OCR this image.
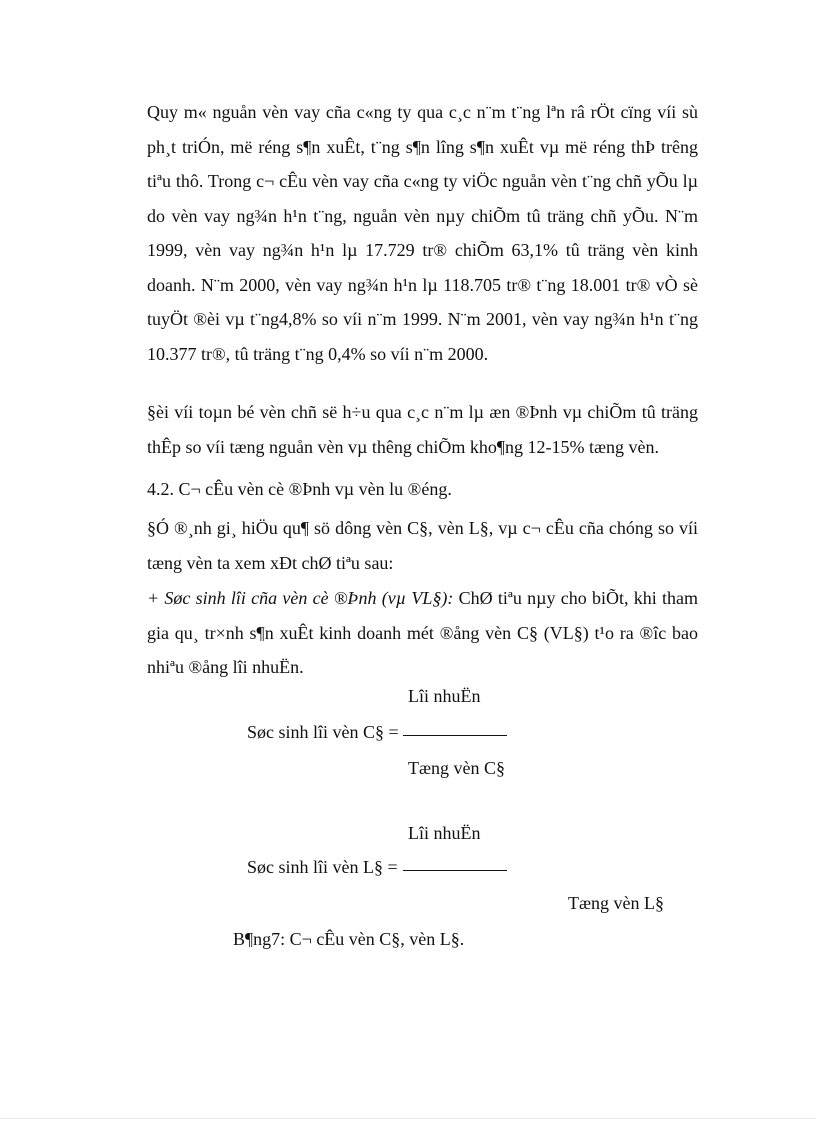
Quy m« nguån vèn vay cña c«ng ty qua c¸c n¨m t¨ng lªn râ rÖt cïng víi sù ph¸t triÓn, më réng s¶n xuÊt, t¨ng s¶n lîng s¶n xuÊt vµ më réng thÞ trêng tiªu thô. Trong c¬ cÊu vèn vay cña c«ng ty viÖc nguån vèn t¨ng chñ yÕu lµ do vèn vay ng¾n h¹n t¨ng, nguån vèn nµy chiÕm tû träng chñ yÕu. N¨m 1999, vèn vay ng¾n h¹n lµ 17.729 tr® chiÕm 63,1% tû träng vèn kinh doanh. N¨m 2000, vèn vay ng¾n h¹n lµ 118.705 tr® t¨ng 18.001 tr® vÒ sè tuyÖt ®èi vµ t¨ng4,8% so víi n¨m 1999. N¨m 2001, vèn vay ng¾n h¹n t¨ng 10.377 tr®, tû träng t¨ng 0,4% so víi n¨m 2000.

§èi víi toµn bé vèn chñ së h÷u qua c¸c n¨m lµ æn ®Þnh vµ chiÕm tû träng thÊp so víi tæng nguån vèn vµ thêng chiÕm kho¶ng 12-15% tæng vèn.

4.2. C¬ cÊu vèn cè ®Þnh vµ vèn lu ®éng.

§Ó ®¸nh gi¸ hiÖu qu¶ sö dông vèn C§, vèn L§, vµ c¬ cÊu cña chóng so víi tæng vèn ta xem xÐt chØ tiªu sau:

+ Søc sinh lîi cña vèn cè ®Þnh (vµ VL§): ChØ tiªu nµy cho biÕt, khi tham gia qu¸ tr×nh s¶n xuÊt kinh doanh mét ®ång vèn C§ (VL§) t¹o ra ®îc bao nhiªu ®ång lîi nhuËn.

Lîi nhuËn

Søc sinh lîi vèn C§ =

Tæng vèn C§

Lîi nhuËn

Søc sinh lîi vèn L§ =

Tæng vèn L§

B¶ng7: C¬ cÊu vèn C§, vèn L§.
